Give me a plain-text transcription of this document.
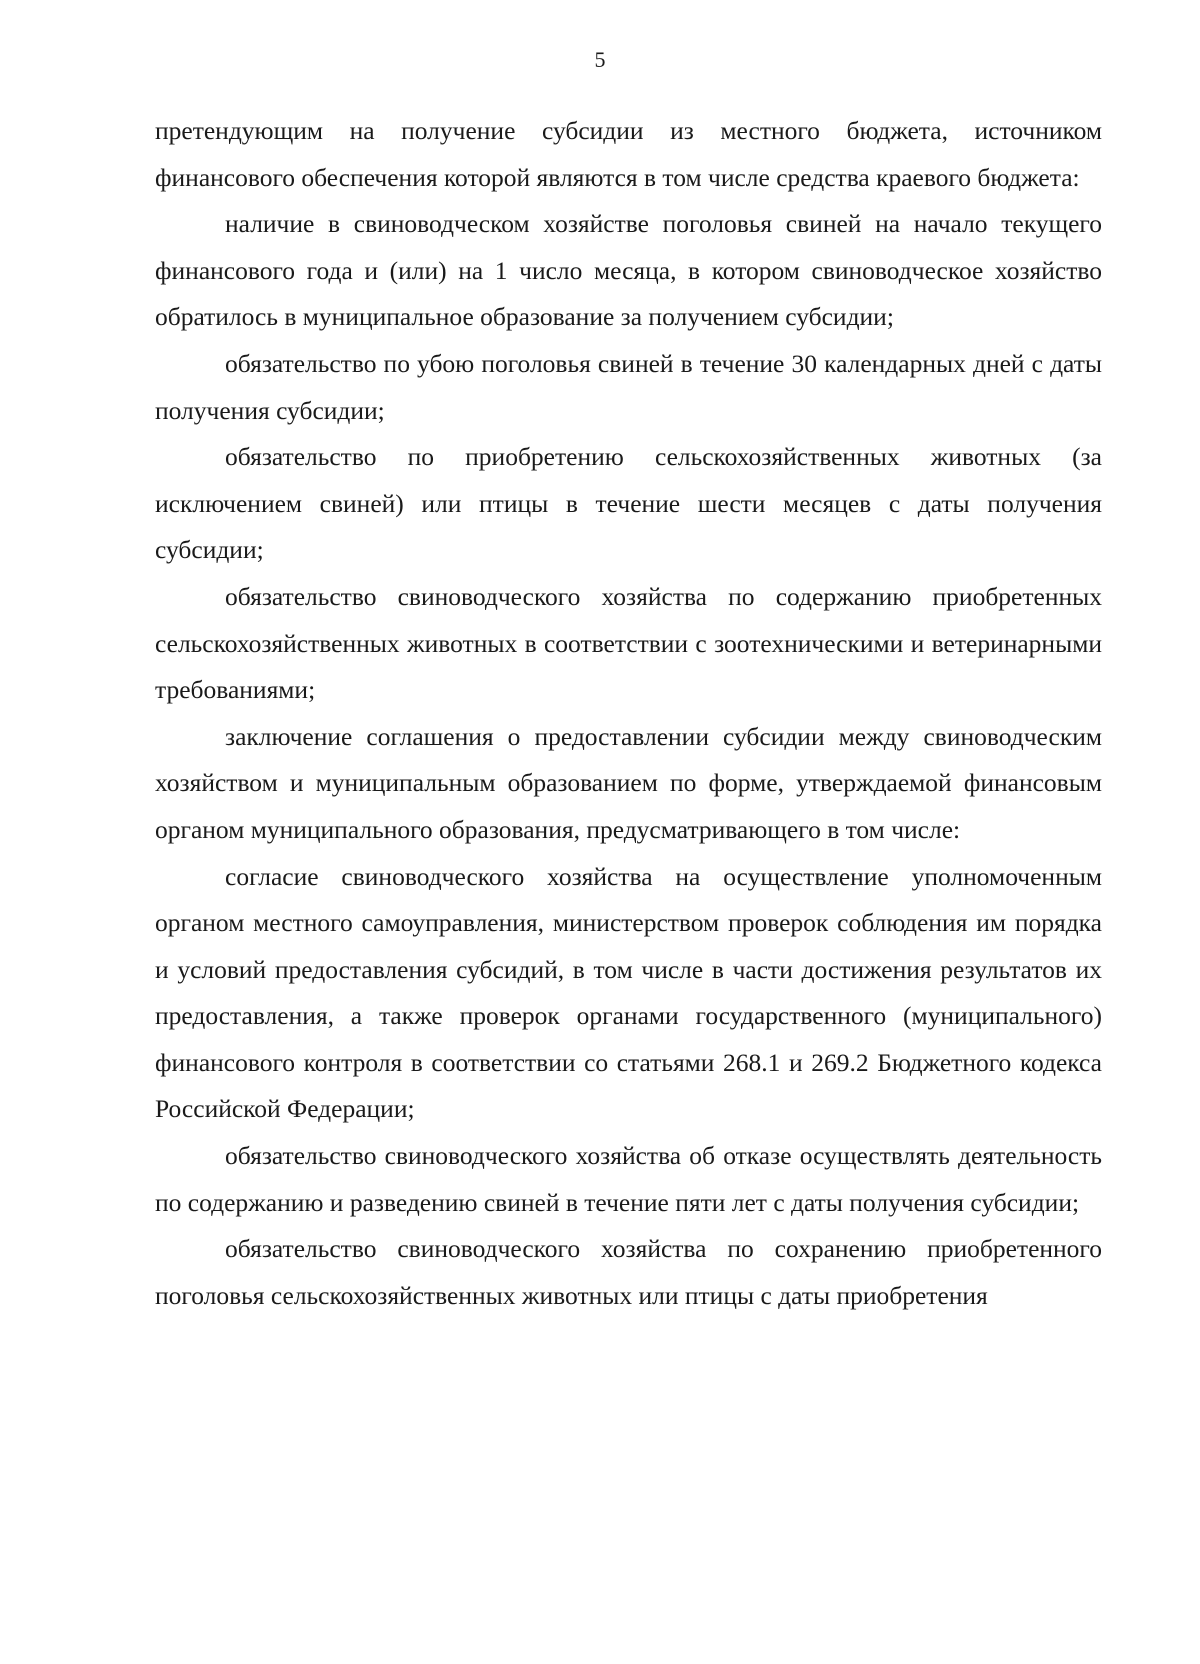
5

претендующим на получение субсидии из местного бюджета, источником финансового обеспечения которой являются в том числе средства краевого бюджета:

наличие в свиноводческом хозяйстве поголовья свиней на начало текущего финансового года и (или) на 1 число месяца, в котором свиноводческое хозяйство обратилось в муниципальное образование за получением субсидии;

обязательство по убою поголовья свиней в течение 30 календарных дней с даты получения субсидии;

обязательство по приобретению сельскохозяйственных животных (за исключением свиней) или птицы в течение шести месяцев с даты получения субсидии;

обязательство свиноводческого хозяйства по содержанию приобретенных сельскохозяйственных животных в соответствии с зоотехническими и ветеринарными требованиями;

заключение соглашения о предоставлении субсидии между свиноводческим хозяйством и муниципальным образованием по форме, утверждаемой финансовым органом муниципального образования, предусматривающего в том числе:

согласие свиноводческого хозяйства на осуществление уполномоченным органом местного самоуправления, министерством проверок соблюдения им порядка и условий предоставления субсидий, в том числе в части достижения результатов их предоставления, а также проверок органами государственного (муниципального) финансового контроля в соответствии со статьями 268.1 и 269.2 Бюджетного кодекса Российской Федерации;

обязательство свиноводческого хозяйства об отказе осуществлять деятельность по содержанию и разведению свиней в течение пяти лет с даты получения субсидии;

обязательство свиноводческого хозяйства по сохранению приобретенного поголовья сельскохозяйственных животных или птицы с даты приобретения
